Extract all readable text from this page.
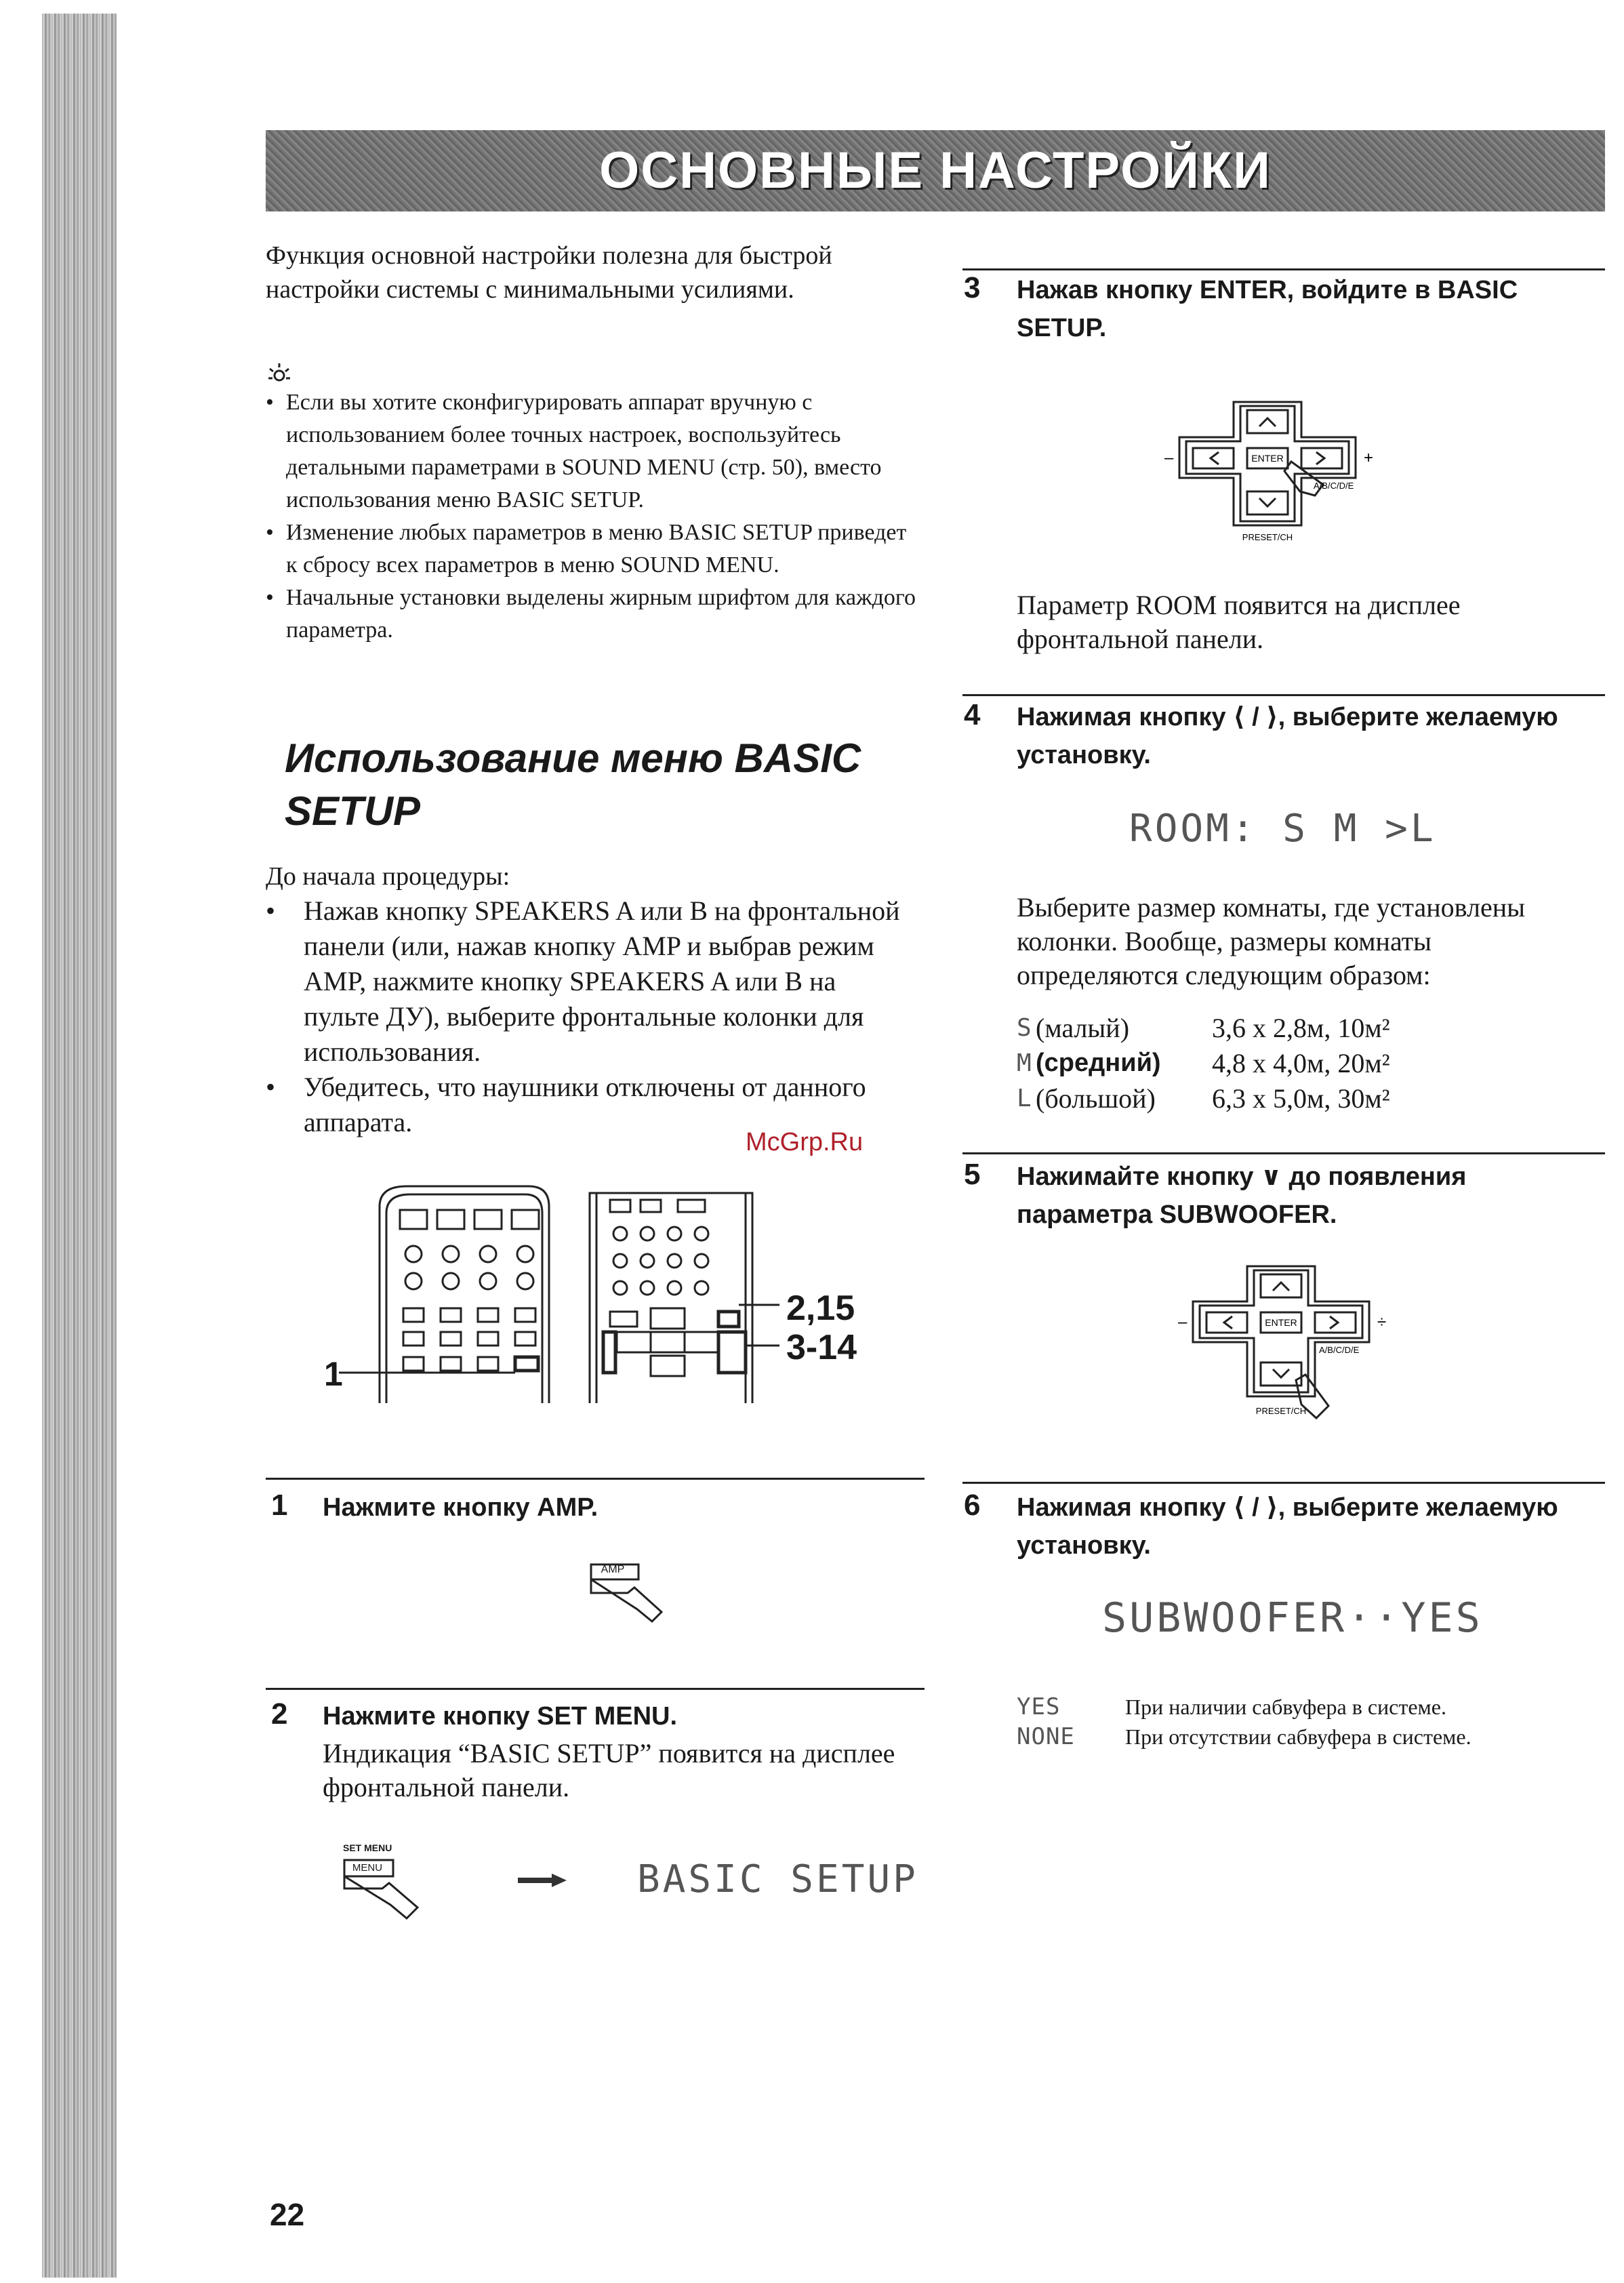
ОСНОВНЫЕ НАСТРОЙКИ
Функция основной настройки полезна для быстрой настройки системы с минимальными усилиями.
• Если вы хотите сконфигурировать аппарат вручную с использованием более точных настроек, воспользуйтесь детальными параметрами в SOUND MENU (стр. 50), вместо использования меню BASIC SETUP.
• Изменение любых параметров в меню BASIC SETUP приведет к сбросу всех параметров в меню SOUND MENU.
• Начальные установки выделены жирным шрифтом для каждого параметра.
Использование меню BASIC SETUP
До начала процедуры:
• Нажав кнопку SPEAKERS A или B на фронтальной панели (или, нажав кнопку AMP и выбрав режим AMP, нажмите кнопку SPEAKERS A или B на пульте ДУ), выберите фронтальные колонки для использования.
• Убедитесь, что наушники отключены от данного аппарата.
McGrp.Ru
1
2,15
3-14
1 Нажмите кнопку AMP.
AMP
2 Нажмите кнопку SET MENU.
Индикация “BASIC SETUP” появится на дисплее фронтальной панели.
SET MENU
MENU	BASIC SETUP
3 Нажав кнопку ENTER, войдите в BASIC SETUP.
ENTER
PRESET/CH
A/B/C/D/E
–	+
Параметр ROOM появится на дисплее фронтальной панели.
4 Нажимая кнопку ⟨ / ⟩, выберите желаемую установку.
ROOM: S M >L
Выберите размер комнаты, где установлены колонки. Вообще, размеры комнаты определяются следующим образом:
S (малый)	3,6 x 2,8м, 10м²
M (средний)	4,8 x 4,0м, 20м²
L (большой)	6,3 x 5,0м, 30м²
5 Нажимайте кнопку ∨ до появления параметра SUBWOOFER.
ENTER
PRESET/CH
A/B/C/D/E
–	÷
6 Нажимая кнопку ⟨ / ⟩, выберите желаемую установку.
SUBWOOFER··YES
YES	При наличии сабвуфера в системе.
NONE	При отсутствии сабвуфера в системе.
22
